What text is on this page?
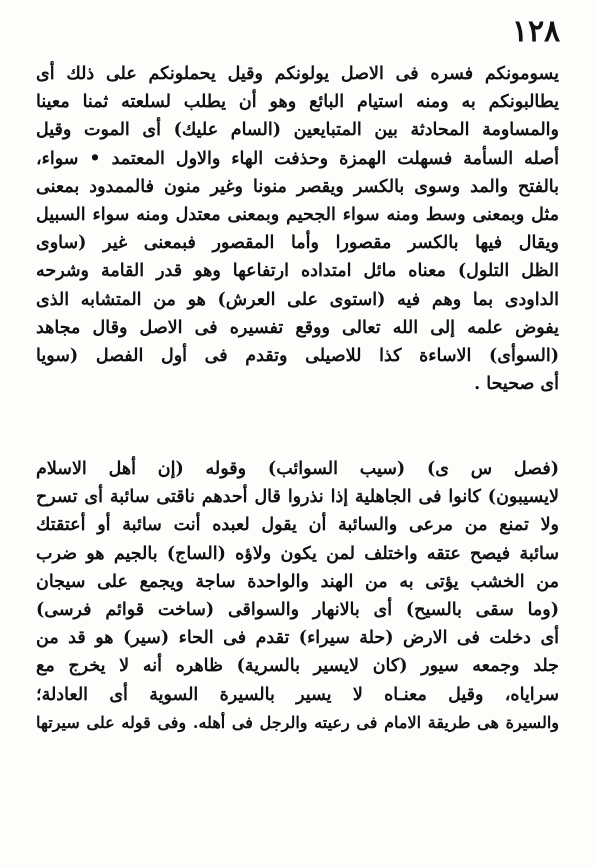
١٢٨
يسومونكم فسره فى الاصل يولونكم وقيل يحملونكم على ذلك أى
يطالبونكم به ومنه استيام البائع وهو أن يطلب لسلعته ثمنا معينا
والمساومة المحادثة بين المتبايعين (السام عليك) أى الموت وقيل
أصله السأمة فسهلت الهمزة وحذفت الهاء والاول المعتمد • سواء،
بالفتح والمد وسوى بالكسر ويقصر منونا وغير منون فالممدود بمعنى
مثل وبمعنى وسط ومنه سواء الجحيم وبمعنى معتدل ومنه سواء السبيل
ويقال فيها بالكسر مقصورا وأما المقصور فبمعنى غير (ساوى
الظل التلول) معناه مائل امتداده ارتفاعها وهو قدر القامة وشرحه
الداودى بما وهم فيه (استوى على العرش) هو من المتشابه الذى
يفوض علمه إلى الله تعالى ووقع تفسيره فى الاصل وقال مجاهد
(السوأى) الاساءة كذا للاصيلى وتقدم فى أول الفصل (سويا
أى صحيحا .
(فصل س ى) (سيب السوائب) وقوله (إن أهل الاسلام
لايسيبون) كانوا فى الجاهلية إذا نذروا قال أحدهم ناقتى سائبة أى تسرح
ولا تمنع من مرعى والسائبة أن يقول لعبده أنت سائبة أو أعتقتك
سائبة فيصح عتقه واختلف لمن يكون ولاؤه (الساج) بالجيم هو ضرب
من الخشب يؤتى به من الهند والواحدة ساجة ويجمع على سيجان
(وما سقى بالسيح) أى بالانهار والسواقى (ساخت قوائم فرسى)
أى دخلت فى الارض (حلة سيراء) تقدم فى الحاء (سير) هو قد من
جلد وجمعه سيور (كان لايسير بالسرية) ظاهره أنه لا يخرج مع
سراياه، وقيل معنـاه لا يسير بالسيرة السوية أى العادلة؛
والسيرة هى طريقة الامام فى رعيته والرجل فى أهله. وفى قوله على سيرتها
